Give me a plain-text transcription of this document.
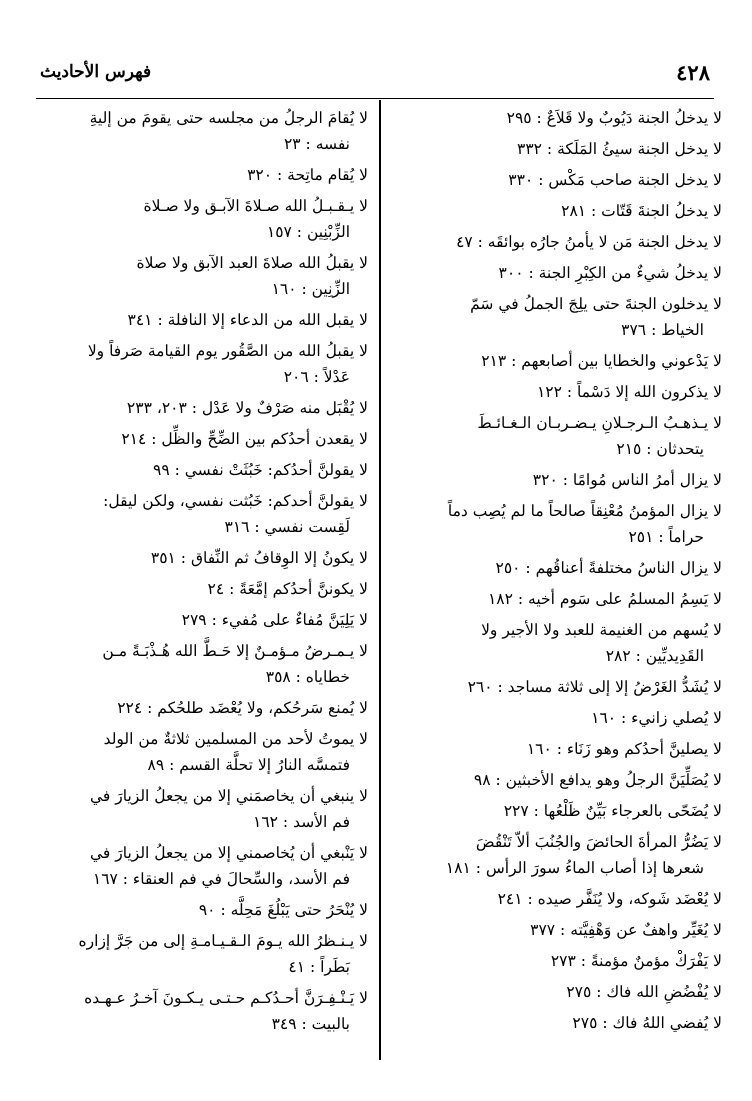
٤٢٨
فهرس الأحاديث
لا يدخلُ الجنة دَيُوبٌ ولا قَلاَعٌ : ٢٩٥
لا يدخل الجنة سيئُ المَلَكة : ٣٣٢
لا يدخل الجنة صاحب مَكْس : ٣٣٠
لا يدخلُ الجنةَ قَتّات : ٢٨١
لا يدخل الجنة مَن لا يأمنُ جارُه بوائقَه : ٤٧
لا يدخلُ شيءٌ من الكِبْرِ الجنة : ٣٠٠
لا يدخلون الجنةَ حتى يلِجَ الجملُ في سَمّ
الخياط : ٣٧٦
لا يَدْعوني والخطايا بين أصابعهم : ٢١٣
لا يذكرون الله إلا دَسْماً : ١٢٢
لا يـذهـبُ الـرجـلانِ يـضـربـان الـغـائـطَ
يتحدثان : ٢١٥
لا يزال أمرُ الناس مُوامًا : ٣٢٠
لا يزال المؤمنُ مُعْنِقاً صالحاً ما لم يُصِب دماً
حراماً : ٢٥١
لا يزال الناسُ مختلفةً أعناقُهم : ٢٥٠
لا يَسِمُ المسلمُ على سَوم أخيه : ١٨٢
لا يُسهم من الغنيمة للعبد ولا الأجير ولا
القَدِيديِّين : ٢٨٢
لا يُشَدُّ الغَرْضُ إلا إلى ثلاثة مساجد : ٢٦٠
لا يُصلي زانيء : ١٦٠
لا يصلينَّ أحدُكم وهو زَنَاء : ١٦٠
لا يُصَلِّيَنَّ الرجلُ وهو يدافع الأخبثين : ٩٨
لا يُضَحّى بالعرجاء بَيِّنٌ ظَلْعُها : ٢٢٧
لا يَضُرُّ المرأةَ الحائضَ والجُنُبَ ألاّ تَنْقُضَ
شعرها إذا أصاب الماءُ سورَ الرأس : ١٨١
لا يُعْضَد شَوكه، ولا يُنَفَّر صيده : ٢٤١
لا يُغَيِّر واهفٌ عن وَهْفِيَّته : ٣٧٧
لا يَفْرَكْ مؤمنٌ مؤمنةً : ٢٧٣
لا يُفْضُضِ الله فاك : ٢٧٥
لا يُفضي اللهُ فاك : ٢٧٥
لا يُقامَ الرجلُ من مجلسه حتى يقومَ من إليةِ
نفسه : ٢٣
لا يُقام ماتِحة : ٣٢٠
لا يـقـبـلُ الله صـلاةَ الآبـق ولا صـلاة
الزِّبْنِين : ١٥٧
لا يقبلُ الله صلاةَ العبد الآبق ولا صلاة
الزِّنِين : ١٦٠
لا يقبل الله من الدعاء إلا النافلة : ٣٤١
لا يقبلُ الله من الصَّقُور يوم القيامة صَرفاً ولا
عَدْلاً : ٢٠٦
لا يُقْبَل منه صَرْفٌ ولا عَدْل : ٢٠٣، ٢٣٣
لا يقعدن أحدُكم بين الضِّحِّ والظِّل : ٢١٤
لا يقولنَّ أحدُكم: خَبُثَتْ نفسي : ٩٩
لا يقولنَّ أحدكم: خَبُثت نفسي، ولكن ليقل:
لَقِست نفسي : ٣١٦
لا يكونُ إلا الوِقافُ ثم النِّفاق : ٣٥١
لا يكوننَّ أحدُكم إمَّعَةً : ٢٤
لا يَلِيَنَّ مُفاءٌ على مُفيء : ٢٧٩
لا يـمـرضُ مـؤمـنٌ إلا حَـطَّ الله هُـذْبَـةً مـن
خطاياه : ٣٥٨
لا يُمنع سَرحُكم، ولا يُعْضَد طلحُكم : ٢٢٤
لا يموتُ لأحد من المسلمين ثلاثةٌ من الولد
فتمسَّه النارُ إلا تحلَّة القسم : ٨٩
لا ينبغي أن يخاصمَني إلا من يجعلُ الزيارَ في
فم الأسد : ١٦٢
لا يَنْبغي أن يُخاصمني إلا من يجعلُ الزيارَ في
فم الأسد، والسِّحالَ في فم العنقاء : ١٦٧
لا يُنْحَرُ حتى يَبْلُغَ مَحِلَّه : ٩٠
لا يـنـظرُ الله يـومَ الـقـيـامـةِ إلى من جَرَّ إزاره
بَطَراً : ٤١
لا يَـنْـفِـرَنَّ أحـدُكـم حـتـى يـكـونَ آخـرُ عـهـده
بالبيت : ٣٤٩
